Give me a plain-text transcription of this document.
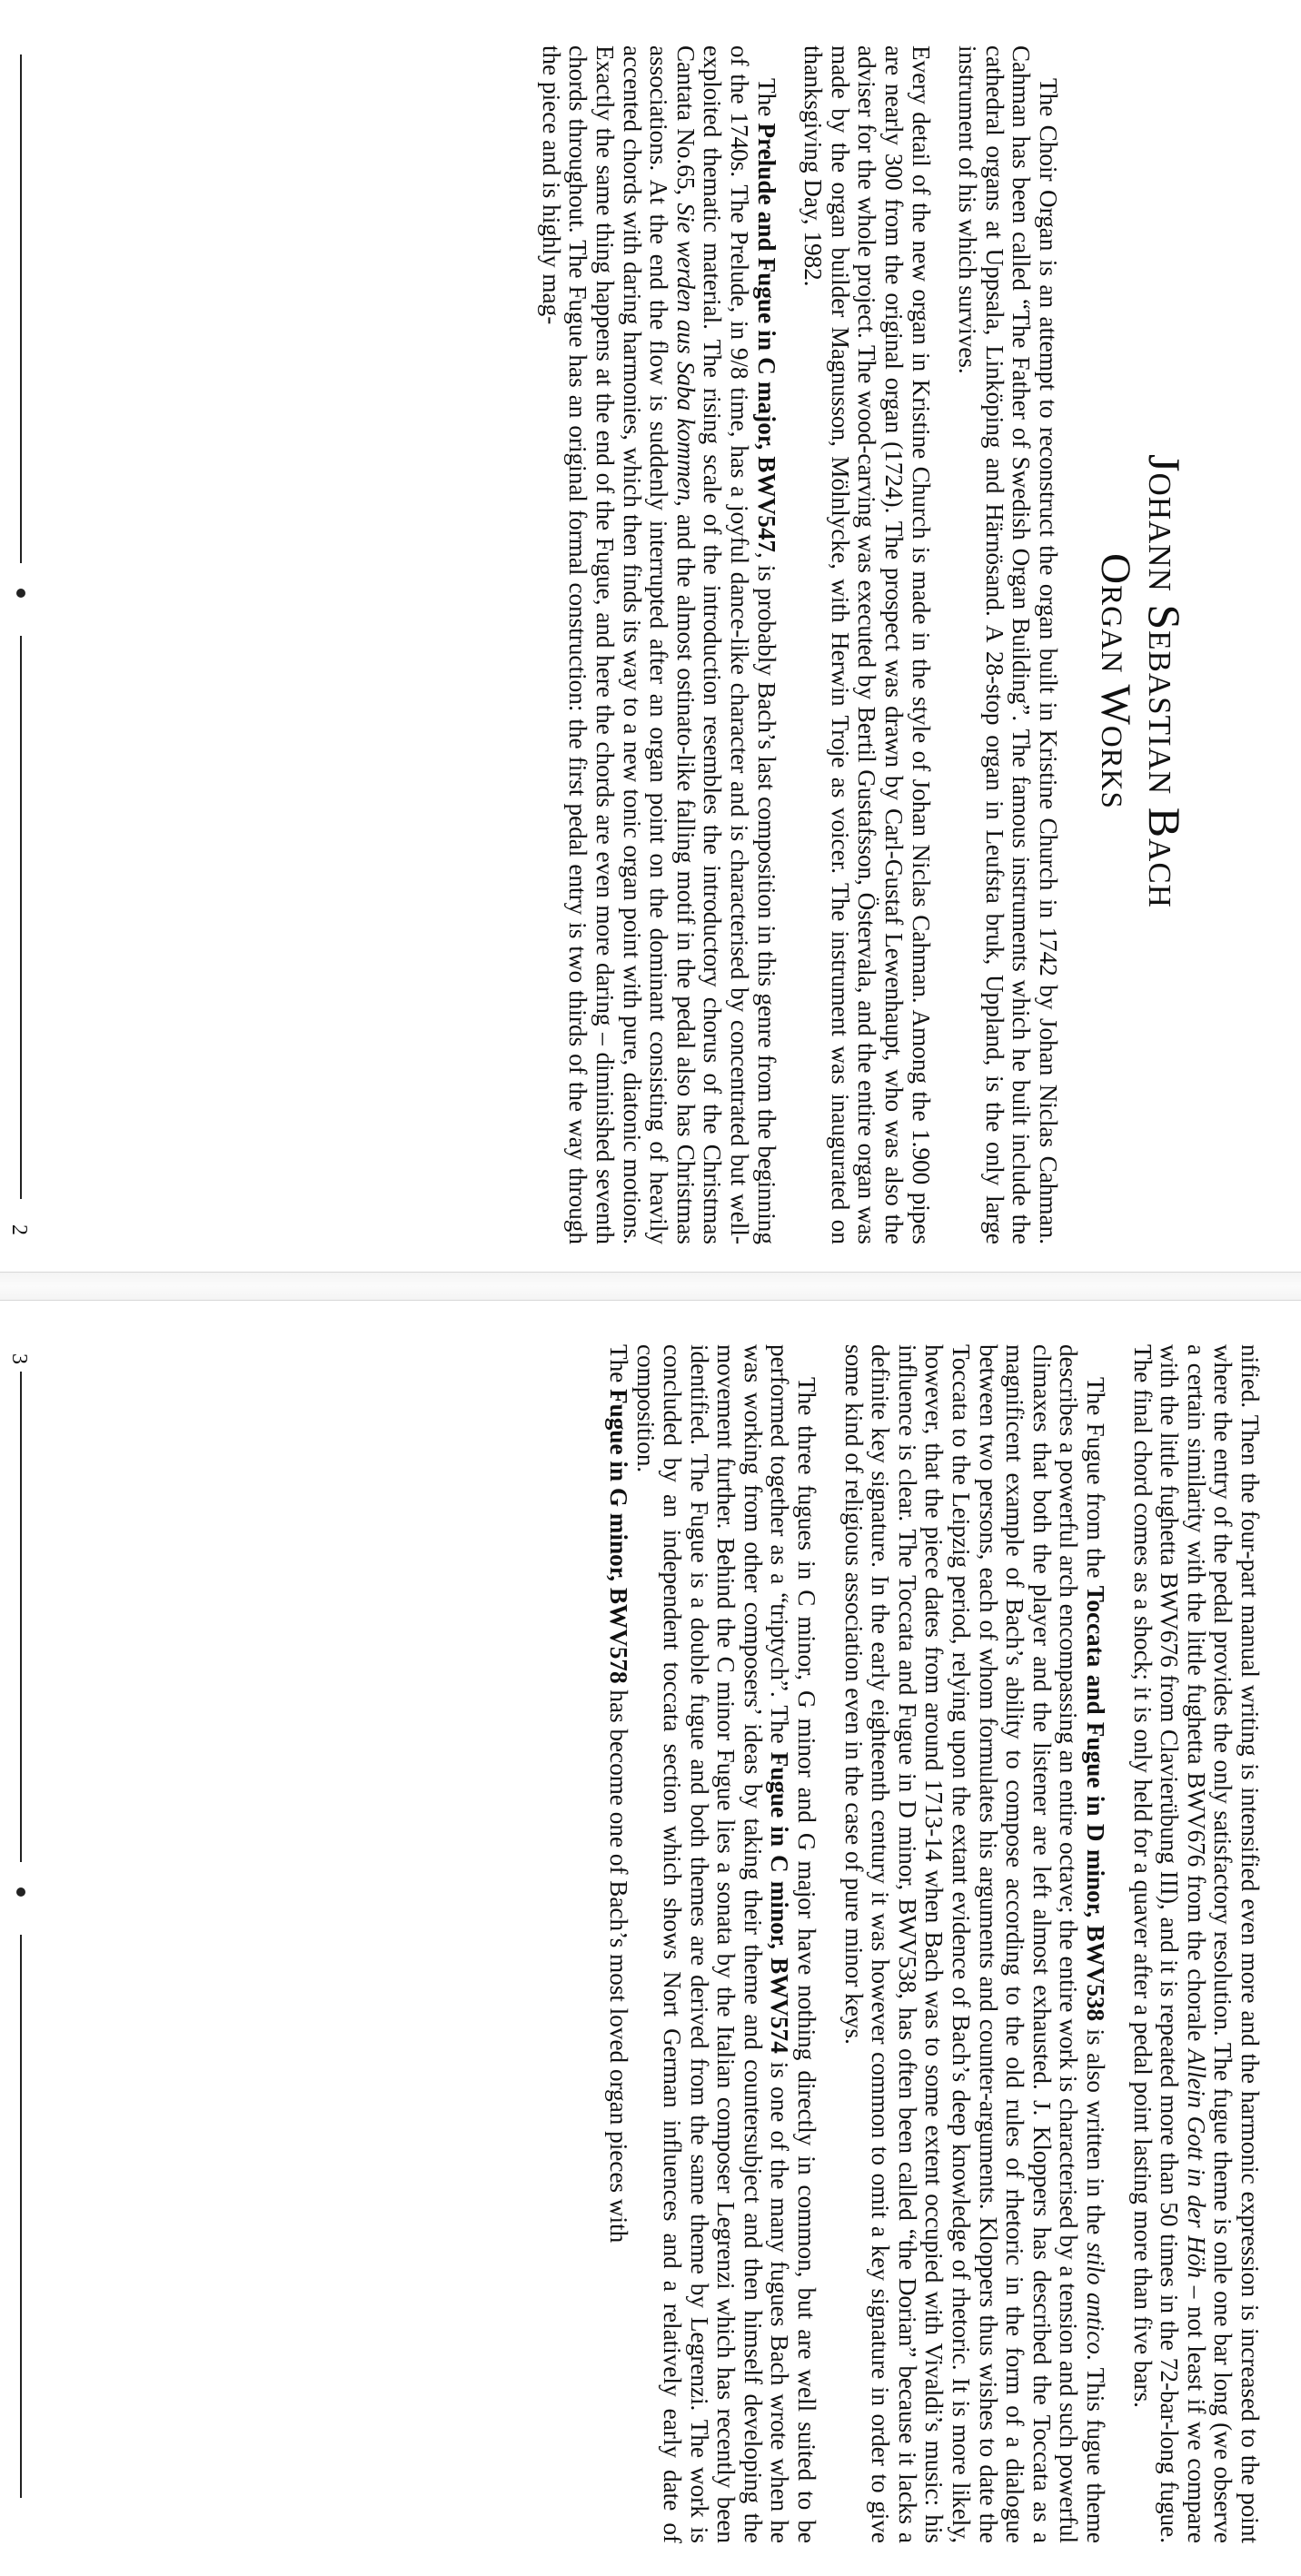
Johann Sebastian Bach
Organ Works

The Choir Organ is an attempt to reconstruct the organ built in Kristine Church in 1742 by Johan Niclas Cahman. Cahman has been called “The Father of Swedish Organ Building”. The famous instruments which he built include the cathedral organs at Uppsala, Linköping and Härnösand. A 28-stop organ in Leufsta bruk, Uppland, is the only large instrument of his which survives.

Every detail of the new organ in Kristine Church is made in the style of Johan Niclas Cahman. Among the 1.900 pipes are nearly 300 from the original organ (1724). The prospect was drawn by Carl-Gustaf Lewenhaupt, who was also the adviser for the whole project. The wood-carving was executed by Bertil Gustafsson, Östervala, and the entire organ was made by the organ builder Magnusson, Mölnlycke, with Herwin Troje as voicer. The instrument was inaugurated on thanksgiving Day, 1982.

The Prelude and Fugue in C major, BWV547, is probably Bach’s last composition in this genre from the beginning of the 1740s. The Prelude, in 9/8 time, has a joyful dance-like character and is characterised by concentrated but well-exploited thematic material. The rising scale of the introduction resembles the introductory chorus of the Christmas Cantata No.65, Sie werden aus Saba kommen, and the almost ostinato-like falling motif in the pedal also has Christmas associations. At the end the flow is suddenly interrupted after an organ point on the dominant consisting of heavily accented chords with daring harmonies, which then finds its way to a new tonic organ point with pure, diatonic motions. Exactly the same thing happens at the end of the Fugue, and here the chords are even more daring – diminished seventh chords throughout. The Fugue has an original formal construction: the first pedal entry is two thirds of the way through the piece and is highly mag-

2

nified. Then the four-part manual writing is intensified even more and the harmonic expression is increased to the point where the entry of the pedal provides the only satisfactory resolution. The fugue theme is onle one bar long (we observe a certain similarity with the little fughetta BWV676 from the chorale Allein Gott in der Höh – not least if we compare with the little fughetta BWV676 from Clavierübung III), and it is repeated more than 50 times in the 72-bar-long fugue. The final chord comes as a shock; it is only held for a quaver after a pedal point lasting more than five bars.

The Fugue from the Toccata and Fugue in D minor, BWV538 is also written in the stilo antico. This fugue theme describes a powerful arch encompassing an entire octave; the entire work is characterised by a tension and such powerful climaxes that both the player and the listener are left almost exhausted. J. Kloppers has described the Toccata as a magnificent example of Bach’s ability to compose according to the old rules of rhetoric in the form of a dialogue between two persons, each of whom formulates his arguments and counter-arguments. Kloppers thus wishes to date the Toccata to the Leipzig period, relying upon the extant evidence of Bach’s deep knowledge of rhetoric. It is more likely, however, that the piece dates from around 1713-14 when Bach was to some extent occupied with Vivaldi’s music: his influence is clear. The Toccata and Fugue in D minor, BWV538, has often been called “the Dorian” because it lacks a definite key signature. In the early eighteenth century it was however common to omit a key signature in order to give some kind of religious association even in the case of pure minor keys.

The three fugues in C minor, G minor and G major have nothing directly in common, but are well suited to be performed together as a “triptych”. The Fugue in C minor, BWV574 is one of the many fugues Bach wrote when he was working from other composers’ ideas by taking their theme and countersubject and then himself developing the movement further. Behind the C minor Fugue lies a sonata by the Italian composer Legrenzi which has recently been identified. The Fugue is a double fugue and both themes are derived from the same theme by Legrenzi. The work is concluded by an independent toccata section which shows Nort German influences and a relatively early date of composition.

The Fugue in G minor, BWV578 has become one of Bach’s most loved organ pieces with

3
